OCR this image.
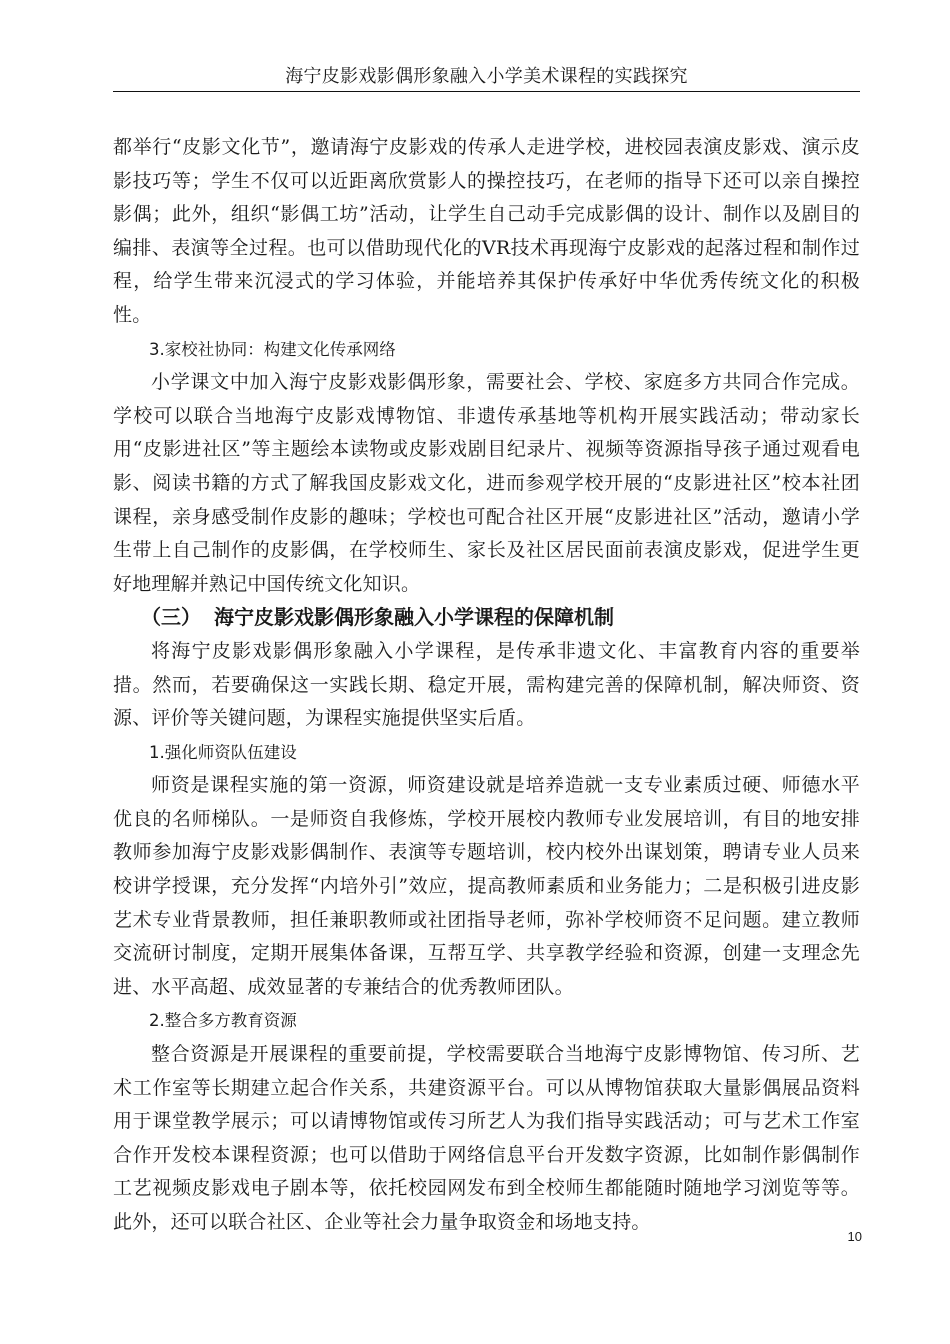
海宁皮影戏影偶形象融入小学美术课程的实践探究

都举行“皮影文化节”，邀请海宁皮影戏的传承人走进学校，进校园表演皮影戏、演示皮影技巧等；学生不仅可以近距离欣赏影人的操控技巧，在老师的指导下还可以亲自操控影偶；此外，组织“影偶工坊”活动，让学生自己动手完成影偶的设计、制作以及剧目的编排、表演等全过程。也可以借助现代化的VR技术再现海宁皮影戏的起落过程和制作过程，给学生带来沉浸式的学习体验，并能培养其保护传承好中华优秀传统文化的积极性。

3.家校社协同：构建文化传承网络

小学课文中加入海宁皮影戏影偶形象，需要社会、学校、家庭多方共同合作完成。学校可以联合当地海宁皮影戏博物馆、非遗传承基地等机构开展实践活动；带动家长用“皮影进社区”等主题绘本读物或皮影戏剧目纪录片、视频等资源指导孩子通过观看电影、阅读书籍的方式了解我国皮影戏文化，进而参观学校开展的“皮影进社区”校本社团课程，亲身感受制作皮影的趣味；学校也可配合社区开展“皮影进社区”活动，邀请小学生带上自己制作的皮影偶，在学校师生、家长及社区居民面前表演皮影戏，促进学生更好地理解并熟记中国传统文化知识。

（三） 海宁皮影戏影偶形象融入小学课程的保障机制

将海宁皮影戏影偶形象融入小学课程，是传承非遗文化、丰富教育内容的重要举措。然而，若要确保这一实践长期、稳定开展，需构建完善的保障机制，解决师资、资源、评价等关键问题，为课程实施提供坚实后盾。

1.强化师资队伍建设

师资是课程实施的第一资源，师资建设就是培养造就一支专业素质过硬、师德水平优良的名师梯队。一是师资自我修炼，学校开展校内教师专业发展培训，有目的地安排教师参加海宁皮影戏影偶制作、表演等专题培训，校内校外出谋划策，聘请专业人员来校讲学授课，充分发挥“内培外引”效应，提高教师素质和业务能力；二是积极引进皮影艺术专业背景教师，担任兼职教师或社团指导老师，弥补学校师资不足问题。建立教师交流研讨制度，定期开展集体备课，互帮互学、共享教学经验和资源，创建一支理念先进、水平高超、成效显著的专兼结合的优秀教师团队。

2.整合多方教育资源

整合资源是开展课程的重要前提，学校需要联合当地海宁皮影博物馆、传习所、艺术工作室等长期建立起合作关系，共建资源平台。可以从博物馆获取大量影偶展品资料用于课堂教学展示；可以请博物馆或传习所艺人为我们指导实践活动；可与艺术工作室合作开发校本课程资源；也可以借助于网络信息平台开发数字资源，比如制作影偶制作工艺视频皮影戏电子剧本等，依托校园网发布到全校师生都能随时随地学习浏览等等。此外，还可以联合社区、企业等社会力量争取资金和场地支持。

10
